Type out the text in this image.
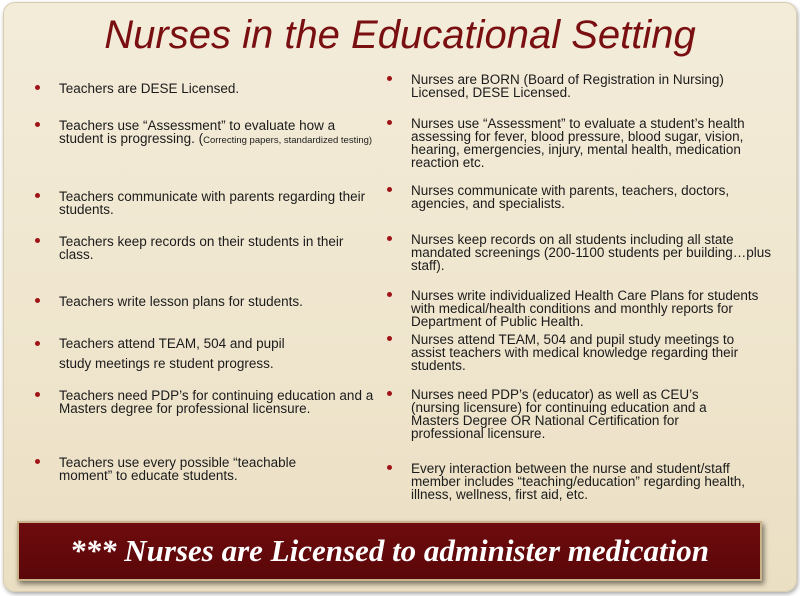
Nurses in the Educational Setting
Teachers are DESE Licensed.
Teachers use “Assessment” to evaluate how a student is progressing. (Correcting papers, standardized testing)
Teachers communicate with parents regarding their students.
Teachers keep records on their students in their class.
Teachers write lesson plans for students.
Teachers attend TEAM, 504 and pupil study meetings re student progress.
Teachers need PDP’s for continuing education and a Masters degree for professional licensure.
Teachers use every possible “teachable moment” to educate students.
Nurses are BORN (Board of Registration in Nursing) Licensed, DESE Licensed.
Nurses use “Assessment” to evaluate a student’s health assessing for fever, blood pressure, blood sugar, vision, hearing, emergencies, injury, mental health, medication reaction etc.
Nurses communicate with parents, teachers, doctors, agencies, and specialists.
Nurses keep records on all students including all state mandated screenings (200-1100 students per building…plus staff).
Nurses write individualized Health Care Plans for students with medical/health conditions and monthly reports for Department of Public Health.
Nurses attend TEAM, 504 and pupil study meetings to assist teachers with medical knowledge regarding their students.
Nurses need PDP’s (educator) as well as CEU’s (nursing licensure) for continuing education and a Masters Degree OR National Certification for professional licensure.
Every interaction between the nurse and student/staff member includes “teaching/education” regarding health, illness, wellness, first aid, etc.
*** Nurses are Licensed to administer medication
